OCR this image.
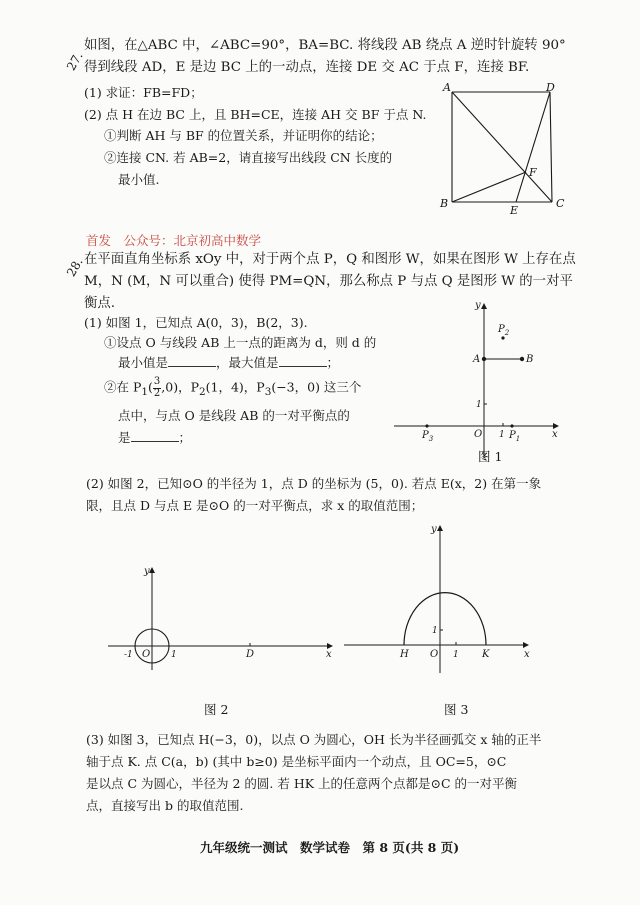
27.
如图，在△ABC 中，∠ABC=90°，BA=BC. 将线段 AB 绕点 A 逆时针旋转 90°
得到线段 AD，E 是边 BC 上的一动点，连接 DE 交 AC 于点 F，连接 BF.
(1) 求证：FB=FD；
(2) 点 H 在边 BC 上，且 BH=CE，连接 AH 交 BF 于点 N.
①判断 AH 与 BF 的位置关系，并证明你的结论；
②连接 CN. 若 AB=2，请直接写出线段 CN 长度的
最小值.
A	D
B	C
E
F
首发　公众号：北京初高中数学
28.
在平面直角坐标系 xOy 中，对于两个点 P，Q 和图形 W，如果在图形 W 上存在点
M，N (M，N 可以重合) 使得 PM=QN，那么称点 P 与点 Q 是图形 W 的一对平
衡点.
(1) 如图 1，已知点 A(0，3)，B(2，3).
①设点 O 与线段 AB 上一点的距离为 d，则 d 的
最小值是	，最大值是	；
②在 $P_1( \frac{3}{2} ,0)$，$P_2(1$，4)，$P_3(-3$，0) 这三个
点中，与点 O 是线段 AB 的一对平衡点的
是	；
y
x
O
A	B
$P_2$
$P_1$
$P_3$	1
1
图 1
(2) 如图 2，已知⊙O 的半径为 1，点 D 的坐标为 (5，0). 若点 E(x，2) 在第一象
限，且点 D 与点 E 是⊙O 的一对平衡点，求 x 的取值范围；
y
x
O	D
-1	1
图 2
y
x
O
H	K
1
1
图 3
(3) 如图 3，已知点 H(−3，0)，以点 O 为圆心，OH 长为半径画弧交 x 轴的正半
轴于点 K. 点 C(a，b) (其中 b≥0) 是坐标平面内一个动点，且 OC=5，⊙C
是以点 C 为圆心，半径为 2 的圆. 若 HK 上的任意两个点都是⊙C 的一对平衡
点，直接写出 b 的取值范围.
九年级统一测试　数学试卷　第 8 页(共 8 页)
